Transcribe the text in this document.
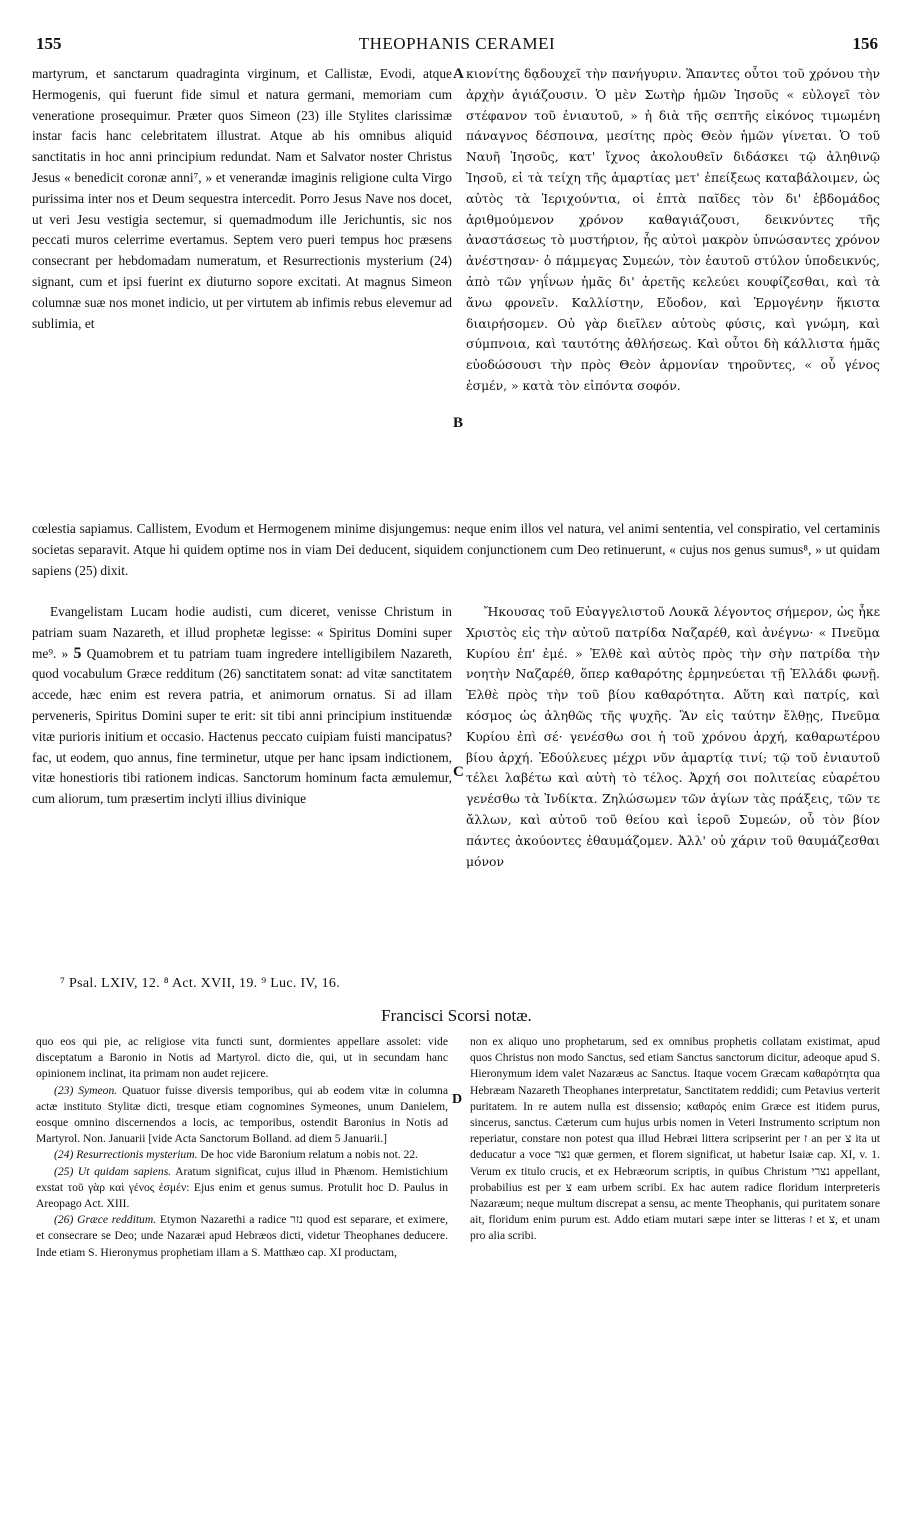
155	THEOPHANIS CERAMEI	156

martyrum, et sanctarum quadraginta virginum, et Callistæ, Evodi, atque Hermogenis, qui fuerunt fide simul et natura germani, memoriam cum veneratione prosequimur. Præter quos Simeon (23) ille Stylites clarissimæ instar facis hanc celebritatem illustrat. Atque ab his omnibus aliquid sanctitatis in hoc anni principium redundat. Nam et Salvator noster Christus Jesus « benedicit coronæ anni⁷, » et venerandæ imaginis religione culta Virgo purissima inter nos et Deum sequestra intercedit. Porro Jesus Nave nos docet, ut veri Jesu vestigia sectemur, si quemadmodum ille Jerichuntis, sic nos peccati muros celerrime evertamus. Septem vero pueri tempus hoc præsens consecrant per hebdomadam numeratum, et Resurrectionis mysterium (24) signant, cum et ipsi fuerint ex diuturno sopore excitati. At magnus Simeon columnæ suæ nos monet indicio, ut per virtutem ab infimis rebus elevemur ad sublimia, et

A κιονίτης δᾳδουχεῖ τὴν πανήγυριν. Ἅπαντες οὗτοι τοῦ χρόνου τὴν ἀρχὴν ἁγιάζουσιν. Ὁ μὲν Σωτὴρ ἡμῶν Ἰησοῦς « εὐλογεῖ τὸν στέφανον τοῦ ἐνιαυτοῦ, » ἡ διὰ τῆς σεπτῆς εἰκόνος τιμωμένη πάναγνος δέσποινα, μεσίτης πρὸς Θεὸν ἡμῶν γίνεται. Ὁ τοῦ Ναυῆ Ἰησοῦς, κατ' ἴχνος ἀκολουθεῖν διδάσκει τῷ ἀληθινῷ Ἰησοῦ, εἰ τὰ τείχη τῆς ἁμαρτίας μετ' ἐπείξεως καταβάλοιμεν, ὡς αὐτὸς τὰ Ἱεριχούντια, οἱ ἑπτὰ παῖδες τὸν δι' ἑβδομάδος ἀριθμούμενον χρόνον καθαγιάζουσι, δεικνύντες τῆς ἀναστάσεως τὸ μυστήριον, ἧς αὐτοὶ μακρὸν ὑπνώσαντες χρόνον ἀνέστησαν· ὁ πάμμεγας Συμεών, τὸν ἑαυτοῦ στύλον ὑποδεικνύς, ἀπὸ τῶν γηΐνων ἡμᾶς δι' ἀρετῆς κελεύει κουφίζεσθαι, καὶ τὰ ἄνω φρονεῖν. Καλλίστην, Εὔοδον, καὶ Ἑρμογένην ἥκιστα διαιρήσομεν. Οὐ γὰρ διεῖλεν αὐτοὺς φύσις, καὶ γνώμη, καὶ σύμπνοια, καὶ ταυτότης ἀθλήσεως. Καὶ οὗτοι δὴ κάλλιστα ἡμᾶς εὐοδώσουσι τὴν πρὸς Θεὸν ἁρμονίαν τηροῦντες, « οὗ γένος ἐσμέν, » κατὰ τὸν εἰπόντα σοφόν.

B

cœlestia sapiamus. Callistem, Evodum et Hermogenem minime disjungemus: neque enim illos vel natura, vel animi sententia, vel conspiratio, vel certaminis societas separavit. Atque hi quidem optime nos in viam Dei deducent, siquidem conjunctionem cum Deo retinuerunt, « cujus nos genus sumus⁸, » ut quidam sapiens (25) dixit.

Evangelistam Lucam hodie audisti, cum diceret, venisse Christum in patriam suam Nazareth, et illud prophetæ legisse: « Spiritus Domini super me⁹. » 5 Quamobrem et tu patriam tuam ingredere intelligibilem Nazareth, quod vocabulum Græce redditum (26) sanctitatem sonat: ad vitæ sanctitatem accede, hæc enim est revera patria, et animorum ornatus. Si ad illam perveneris, Spiritus Domini super te erit: sit tibi anni principium instituendæ vitæ purioris initium et occasio. Hactenus peccato cuipiam fuisti mancipatus? fac, ut eodem, quo annus, fine terminetur, utque per hanc ipsam indictionem, vitæ honestioris tibi rationem indicas. Sanctorum hominum facta æmulemur, cum aliorum, tum præsertim inclyti illius divinique

C

Ἤκουσας τοῦ Εὐαγγελιστοῦ Λουκᾶ λέγοντος σήμερον, ὡς ἧκε Χριστὸς εἰς τὴν αὐτοῦ πατρίδα Ναζαρέθ, καὶ ἀνέγνω· « Πνεῦμα Κυρίου ἐπ' ἐμέ. » Ἐλθὲ καὶ αὐτὸς πρὸς τὴν σὴν πατρίδα τὴν νοητὴν Ναζαρέθ, ὅπερ καθαρότης ἑρμηνεύεται τῇ Ἑλλάδι φωνῇ. Ἐλθὲ πρὸς τὴν τοῦ βίου καθαρότητα. Αὕτη καὶ πατρίς, καὶ κόσμος ὡς ἀληθῶς τῆς ψυχῆς. Ἂν εἰς ταύτην ἔλθῃς, Πνεῦμα Κυρίου ἐπὶ σέ· γενέσθω σοι ἡ τοῦ χρόνου ἀρχή, καθαρωτέρου βίου ἀρχή. Ἐδούλευες μέχρι νῦν ἁμαρτίᾳ τινί; τῷ τοῦ ἐνιαυτοῦ τέλει λαβέτω καὶ αὐτὴ τὸ τέλος. Ἀρχή σοι πολιτείας εὐαρέτου γενέσθω τὰ Ἰνδίκτα. Ζηλώσωμεν τῶν ἁγίων τὰς πράξεις, τῶν τε ἄλλων, καὶ αὐτοῦ τοῦ θείου καὶ ἱεροῦ Συμεών, οὗ τὸν βίον πάντες ἀκούοντες ἐθαυμάζομεν. Ἀλλ' οὐ χάριν τοῦ θαυμάζεσθαι μόνον

⁷ Psal. LXIV, 12. ⁸ Act. XVII, 19. ⁹ Luc. IV, 16.
Francisci Scorsi notæ.

quo eos qui pie, ac religiose vita functi sunt, dormientes appellare assolet: vide disceptatum a Baronio in Notis ad Martyrol. dicto die, qui, ut in secundam hanc opinionem inclinat, ita primam non audet rejicere.

(23) Symeon. Quatuor fuisse diversis temporibus, qui ab eodem vitæ in columna actæ instituto Stylitæ dicti, tresque etiam cognomines Symeones, unum Danielem, eosque omnino discernendos a locis, ac temporibus, ostendit Baronius in Notis ad Martyrol. Non. Januarii [vide Acta Sanctorum Bolland. ad diem 5 Januarii.]

(24) Resurrectionis mysterium. De hoc vide Baronium relatum a nobis not. 22.

(25) Ut quidam sapiens. Aratum significat, cujus illud in Phænom. Hemistichium exstat τοῦ γὰρ καὶ γένος ἐσμέν: Ejus enim et genus sumus. Protulit hoc D. Paulus in Areopago Act. XIII.

(26) Græce redditum. Etymon Nazarethi a radice נזר quod est separare, et eximere, et consecrare se Deo; unde Nazaræi apud Hebræos dicti, videtur Theophanes deducere. Inde etiam S. Hieronymus prophetiam illam a S. Matthæo cap. XI productam,

D

non ex aliquo uno prophetarum, sed ex omnibus prophetis collatam existimat, apud quos Christus non modo Sanctus, sed etiam Sanctus sanctorum dicitur, adeoque apud S. Hieronymum idem valet Nazaræus ac Sanctus. Itaque vocem Græcam καθαρότητα qua Hebræam Nazareth Theophanes interpretatur, Sanctitatem reddidi; cum Petavius verterit puritatem. In re autem nulla est dissensio; καθαρός enim Græce est itidem purus, sincerus, sanctus. Cæterum cum hujus urbis nomen in Veteri Instrumento scriptum non reperiatur, constare non potest qua illud Hebræi littera scripserint per ז an per צ ita ut deducatur a voce נצר quæ germen, et florem significat, ut habetur Isaiæ cap. XI, v. 1. Verum ex titulo crucis, et ex Hebræorum scriptis, in quibus Christum נצרי appellant, probabilius est per צ eam urbem scribi. Ex hac autem radice floridum interpreteris Nazaræum; neque multum discrepat a sensu, ac mente Theophanis, qui puritatem sonare ait, floridum enim purum est. Addo etiam mutari sæpe inter se litteras ז et צ, et unam pro alia scribi.
